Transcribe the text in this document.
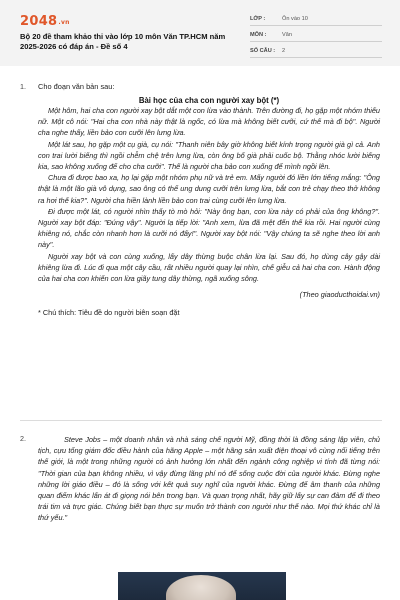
2048.vn
Bộ 20 đề tham khảo thi vào lớp 10 môn Văn TP.HCM năm 2025-2026 có đáp án - Đề số 4
LỚP :	Ôn vào 10
MÔN :	Văn
SỐ CÂU :	2
1. Cho đoạn văn bản sau:
Bài học của cha con người xay bột (*)
Một hôm, hai cha con người xay bột dắt một con lừa vào thành. Trên đường đi, họ gặp một nhóm thiếu nữ. Một cô nói: "Hai cha con nhà này thật là ngốc, có lừa mà không biết cưỡi, cứ thế mà đi bộ". Người cha nghe thấy, liền bảo con cưỡi lên lưng lừa.
Một lát sau, họ gặp một cụ già, cụ nói: "Thanh niên bây giờ không biết kính trọng người già gì cả. Anh con trai lười biếng thì ngồi chễm chệ trên lưng lừa, còn ông bố già phải cuốc bộ. Thằng nhóc lười biếng kia, sao không xuống để cho cha cưỡi". Thế là người cha bảo con xuống để mình ngồi lên.
Chưa đi được bao xa, họ lại gặp một nhóm phụ nữ và trẻ em. Mấy người đó liền lớn tiếng mắng: "Ông thật là một lão già vô dụng, sao ông có thể ung dung cưỡi trên lưng lừa, bắt con trẻ chạy theo thở không ra hơi thế kia?". Người cha hiền lành liền bảo con trai cùng cưỡi lên lưng lừa.
Đi được một lát, có người nhìn thấy tò mò hỏi: "Này ông bạn, con lừa này có phải của ông không?". Người xay bột đáp: "Đúng vậy". Người lạ tiếp lời: "Anh xem, lừa đã mệt đến thế kia rồi. Hai người cùng khiêng nó, chắc còn nhanh hơn là cưỡi nó đấy!". Người xay bột nói: "Vậy chúng ta sẽ nghe theo lời anh này".
Người xay bột và con cùng xuống, lấy dây thừng buộc chân lừa lại. Sau đó, họ dùng cây gậy dài khiêng lừa đi. Lúc đi qua một cây cầu, rất nhiều người quay lại nhìn, chế giễu cả hai cha con. Hành động của hai cha con khiến con lừa giãy tung dây thừng, ngã xuống sông.
(Theo giaoducthoidai.vn)
* Chú thích: Tiêu đề do người biên soạn đặt
2.	Steve Jobs – một doanh nhân và nhà sáng chế người Mỹ, đồng thời là đồng sáng lập viên, chủ tịch, cựu tổng giám đốc điều hành của hãng Apple – một hãng sản xuất điện thoại vô cùng nổi tiếng trên thế giới, là một trong những người có ảnh hưởng lớn nhất đến ngành công nghiệp vi tính đã từng nói: "Thời gian của bạn không nhiều, vì vậy đừng lãng phí nó để sống cuộc đời của người khác. Đừng nghe những lời giáo điều – đó là sống với kết quả suy nghĩ của người khác. Đừng để âm thanh của những quan điểm khác lấn át đi giọng nói bên trong bạn. Và quan trọng nhất, hãy giữ lấy sự can đảm để đi theo trái tim và trực giác. Chúng biết bạn thực sự muốn trở thành con người như thế nào. Mọi thứ khác chỉ là thứ yếu."
